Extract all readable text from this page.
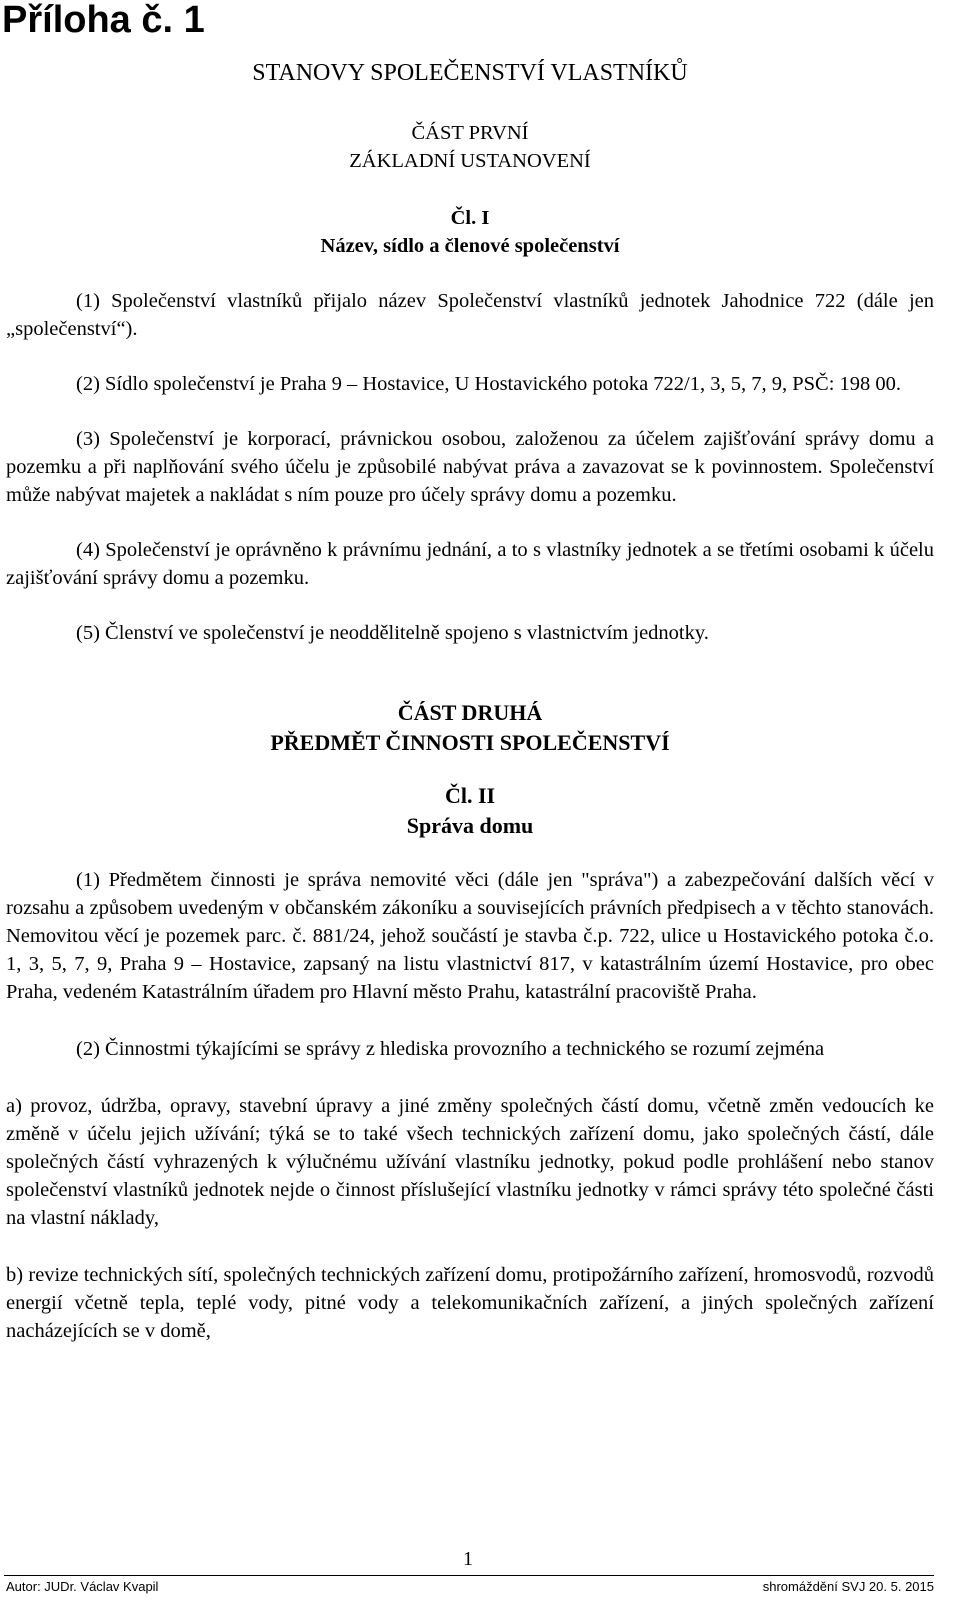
Příloha č. 1
STANOVY SPOLEČENSTVÍ VLASTNÍKŮ
ČÁST PRVNÍ
ZÁKLADNÍ USTANOVENÍ
Čl. I
Název, sídlo a členové společenství

(1) Společenství vlastníků přijalo název Společenství vlastníků jednotek Jahodnice 722 (dále jen „společenství“).

(2) Sídlo společenství je Praha 9 – Hostavice, U Hostavického potoka 722/1, 3, 5, 7, 9, PSČ: 198 00.

(3) Společenství je korporací, právnickou osobou, založenou za účelem zajišťování správy domu a pozemku a při naplňování svého účelu je způsobilé nabývat práva a zavazovat se k povinnostem. Společenství může nabývat majetek a nakládat s ním pouze pro účely správy domu a pozemku.

(4) Společenství je oprávněno k právnímu jednání, a to s vlastníky jednotek a se třetími osobami k účelu zajišťování správy domu a pozemku.

(5) Členství ve společenství je neoddělitelně spojeno s vlastnictvím jednotky.

ČÁST DRUHÁ
PŘEDMĚT ČINNOSTI SPOLEČENSTVÍ
Čl. II
Správa domu

(1) Předmětem činnosti je správa nemovité věci (dále jen "správa") a zabezpečování dalších věcí v rozsahu a způsobem uvedeným v občanském zákoníku a souvisejících právních předpisech a v těchto stanovách. Nemovitou věcí je pozemek parc. č. 881/24, jehož součástí je stavba č.p. 722, ulice u Hostavického potoka č.o. 1, 3, 5, 7, 9, Praha 9 – Hostavice, zapsaný na listu vlastnictví 817, v katastrálním území Hostavice, pro obec Praha, vedeném Katastrálním úřadem pro Hlavní město Prahu, katastrální pracoviště Praha.

(2) Činnostmi týkajícími se správy z hlediska provozního a technického se rozumí zejména

a) provoz, údržba, opravy, stavební úpravy a jiné změny společných částí domu, včetně změn vedoucích ke změně v účelu jejich užívání; týká se to také všech technických zařízení domu, jako společných částí, dále společných částí vyhrazených k výlučnému užívání vlastníku jednotky, pokud podle prohlášení nebo stanov společenství vlastníků jednotek nejde o činnost příslušející vlastníku jednotky v rámci správy této společné části na vlastní náklady,

b) revize technických sítí, společných technických zařízení domu, protipožárního zařízení, hromosvodů, rozvodů energií včetně tepla, teplé vody, pitné vody a telekomunikačních zařízení, a jiných společných zařízení nacházejících se v domě,

1
Autor: JUDr. Václav Kvapil	shromáždění SVJ 20. 5. 2015
